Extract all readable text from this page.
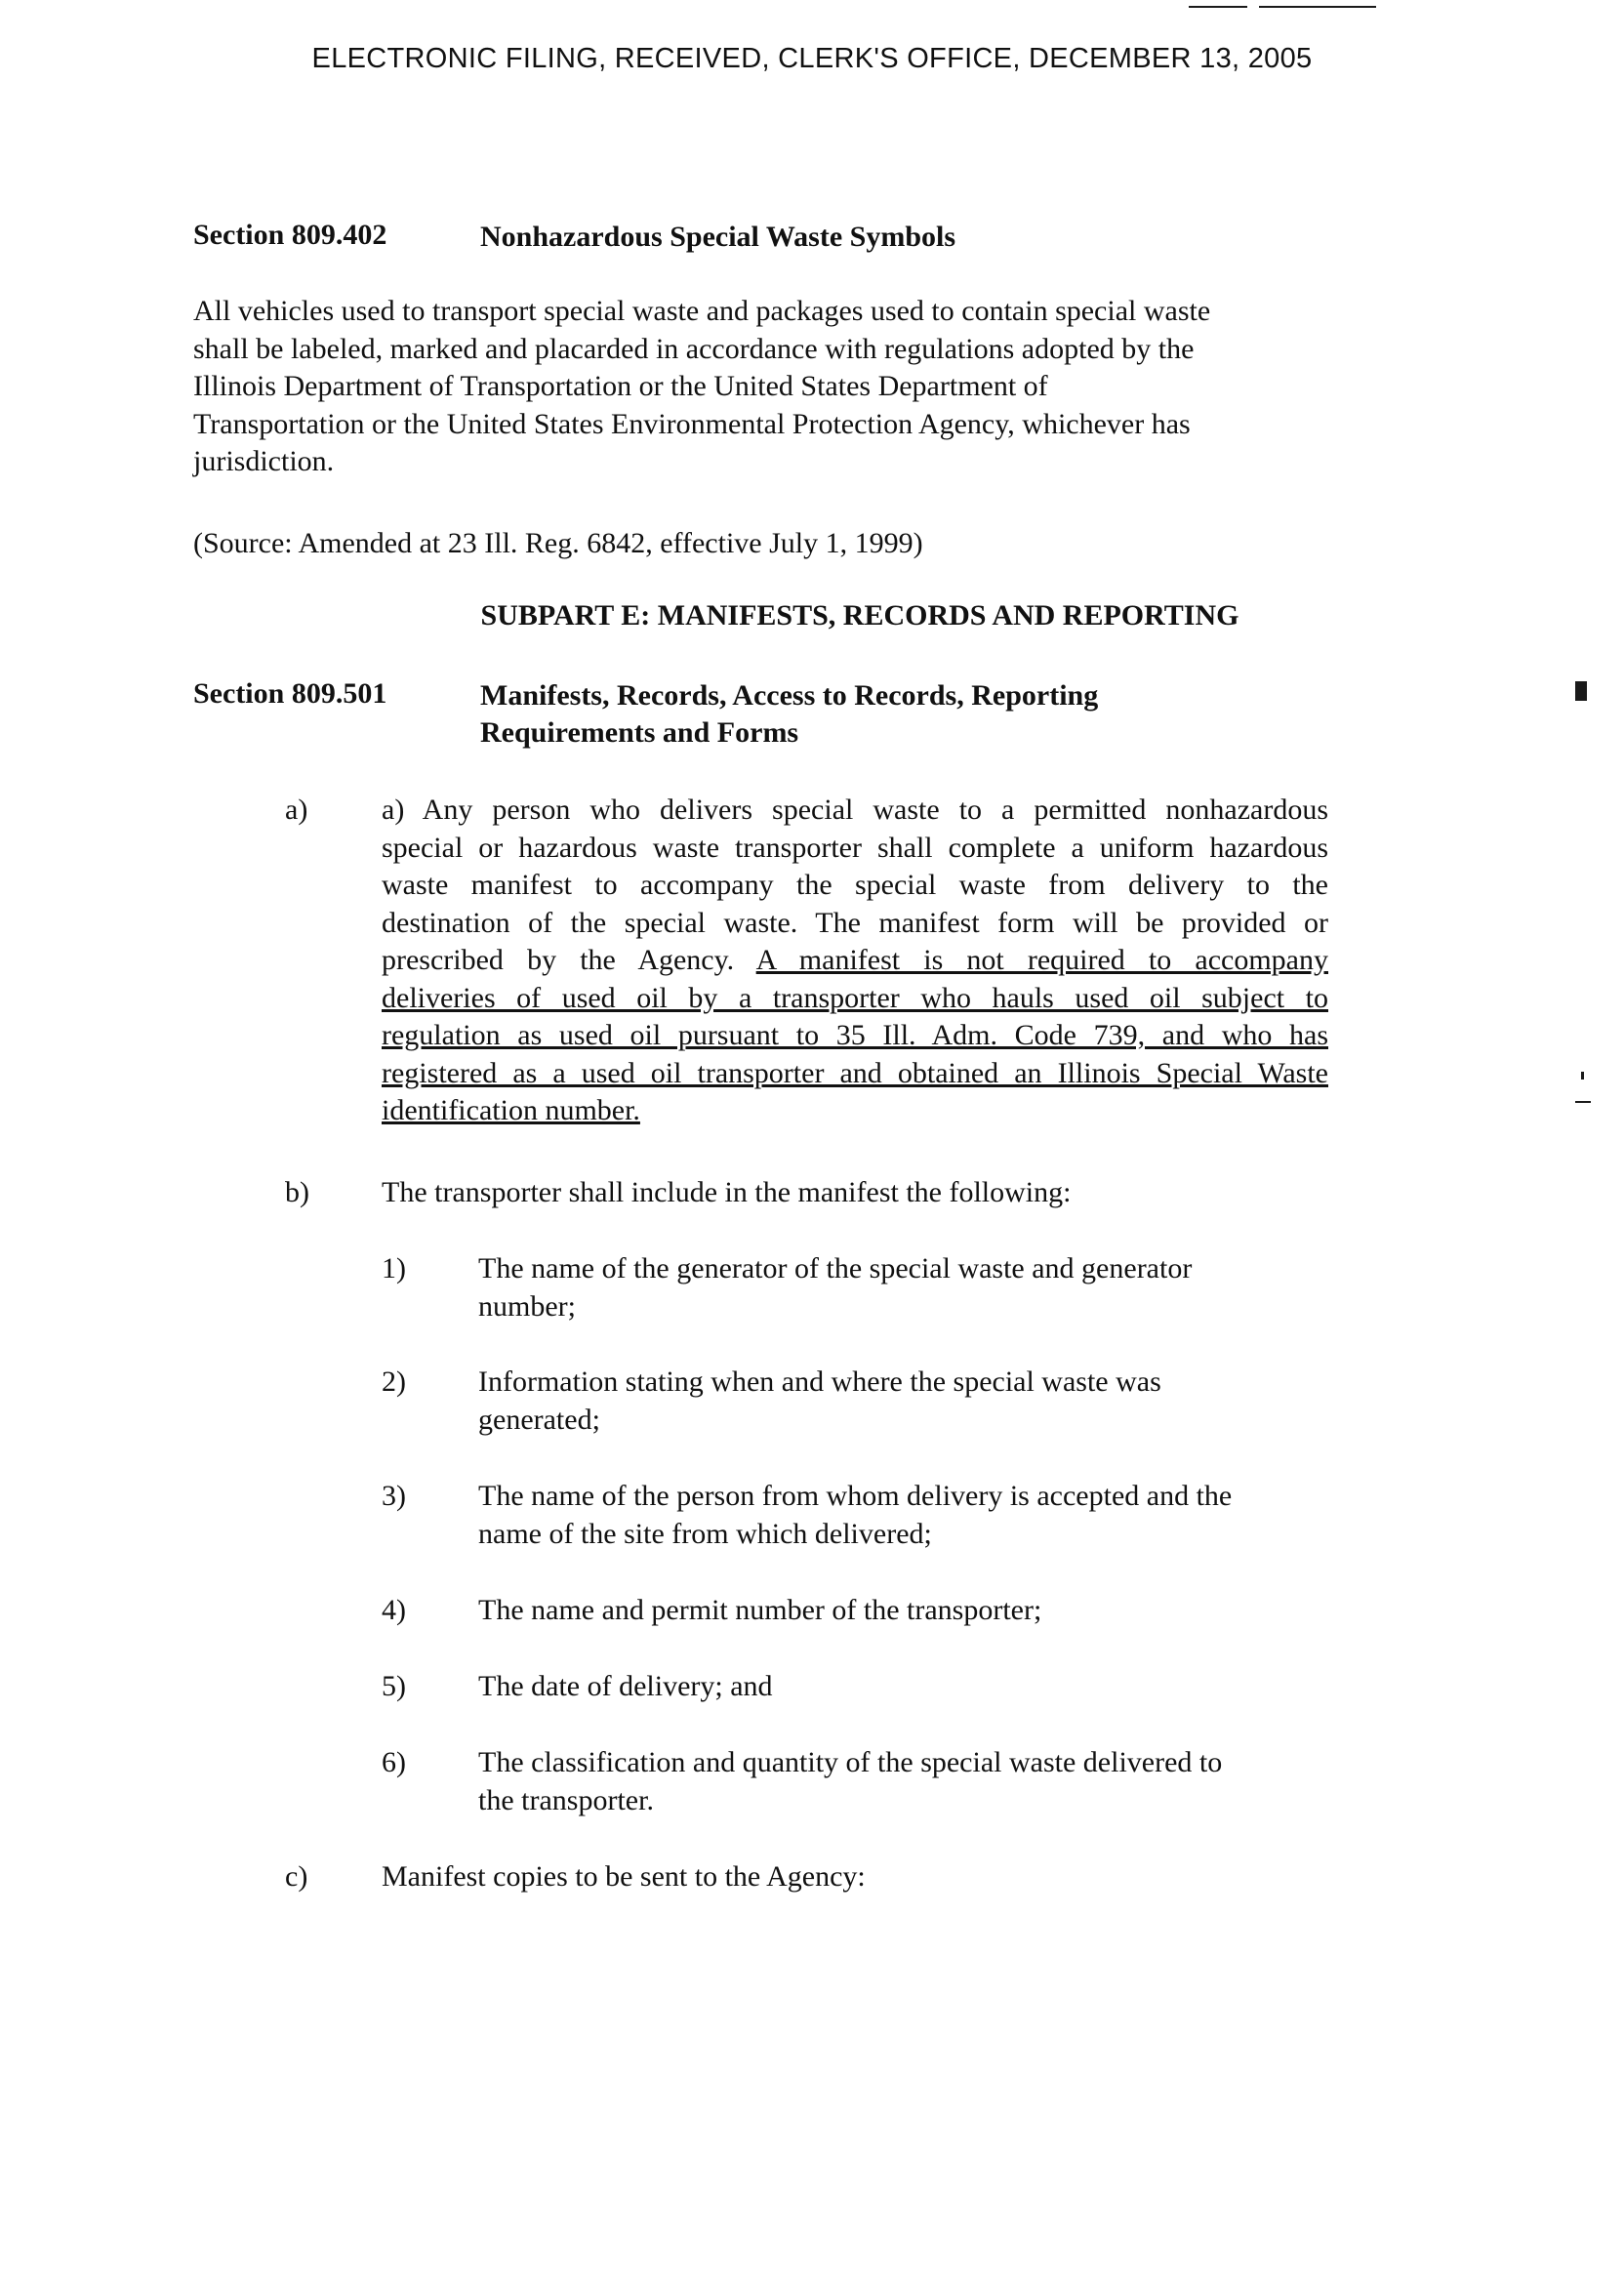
ELECTRONIC FILING, RECEIVED, CLERK'S OFFICE, DECEMBER 13, 2005
Section 809.402	Nonhazardous Special Waste Symbols
All vehicles used to transport special waste and packages used to contain special waste
shall be labeled, marked and placarded in accordance with regulations adopted by the
Illinois Department of Transportation or the United States Department of
Transportation or the United States Environmental Protection Agency, whichever has
jurisdiction.
(Source: Amended at 23 Ill. Reg. 6842, effective July 1, 1999)
SUBPART E: MANIFESTS, RECORDS AND REPORTING
Section 809.501	Manifests, Records, Access to Records, Reporting
Requirements and Forms
a)	a) Any person who delivers special waste to a permitted nonhazardous
special or hazardous waste transporter shall complete a uniform hazardous
waste manifest to accompany the special waste from delivery to the
destination of the special waste. The manifest form will be provided or
prescribed by the Agency. A manifest is not required to accompany
deliveries of used oil by a transporter who hauls used oil subject to
regulation as used oil pursuant to 35 Ill. Adm. Code 739, and who has
registered as a used oil transporter and obtained an Illinois Special Waste
identification number.
b) The transporter shall include in the manifest the following:
1) The name of the generator of the special waste and generator
number;
2) Information stating when and where the special waste was
generated;
3) The name of the person from whom delivery is accepted and the
name of the site from which delivered;
4) The name and permit number of the transporter;
5) The date of delivery; and
6) The classification and quantity of the special waste delivered to
the transporter.
c)	Manifest copies to be sent to the Agency:
